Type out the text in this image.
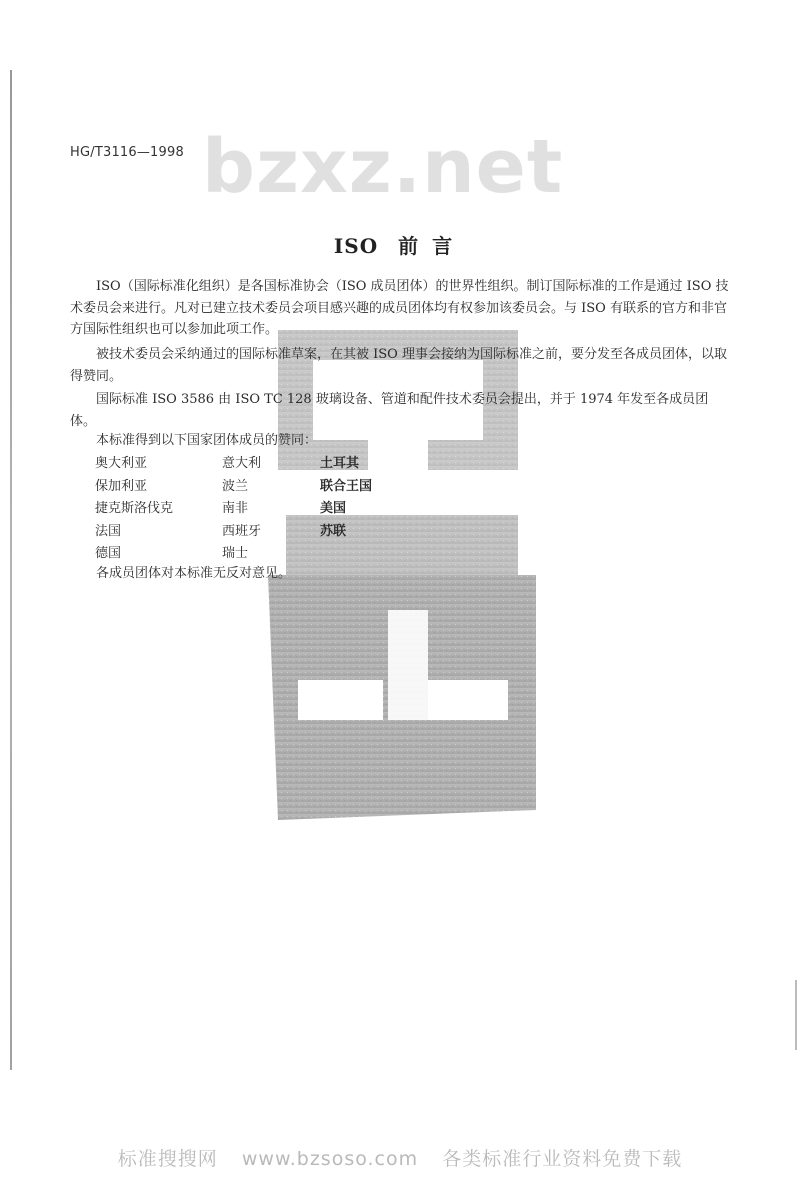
HG/T3116—1998 bzxz.net
ISO 前言

ISO（国际标准化组织）是各国标准协会（ISO 成员团体）的世界性组织。制订国际标准的工作是通过 ISO 技术委员会来进行。凡对已建立技术委员会项目感兴趣的成员团体均有权参加该委员会。与 ISO 有联系的官方和非官方国际性组织也可以参加此项工作。

被技术委员会采纳通过的国际标准草案，在其被 ISO 理事会接纳为国际标准之前，要分发至各成员团体，以取得赞同。

国际标准 ISO 3586 由 ISO TC 128 玻璃设备、管道和配件技术委员会提出，并于 1974 年发至各成员团体。

本标准得到以下国家团体成员的赞同：

奥大利亚	意大利	土耳其
保加利亚	波兰	联合王国
捷克斯洛伐克	南非	美国
法国	西班牙	苏联
德国	瑞士

各成员团体对本标准无反对意见。

标准搜搜网 www.bzsoso.com 各类标准行业资料免费下载
